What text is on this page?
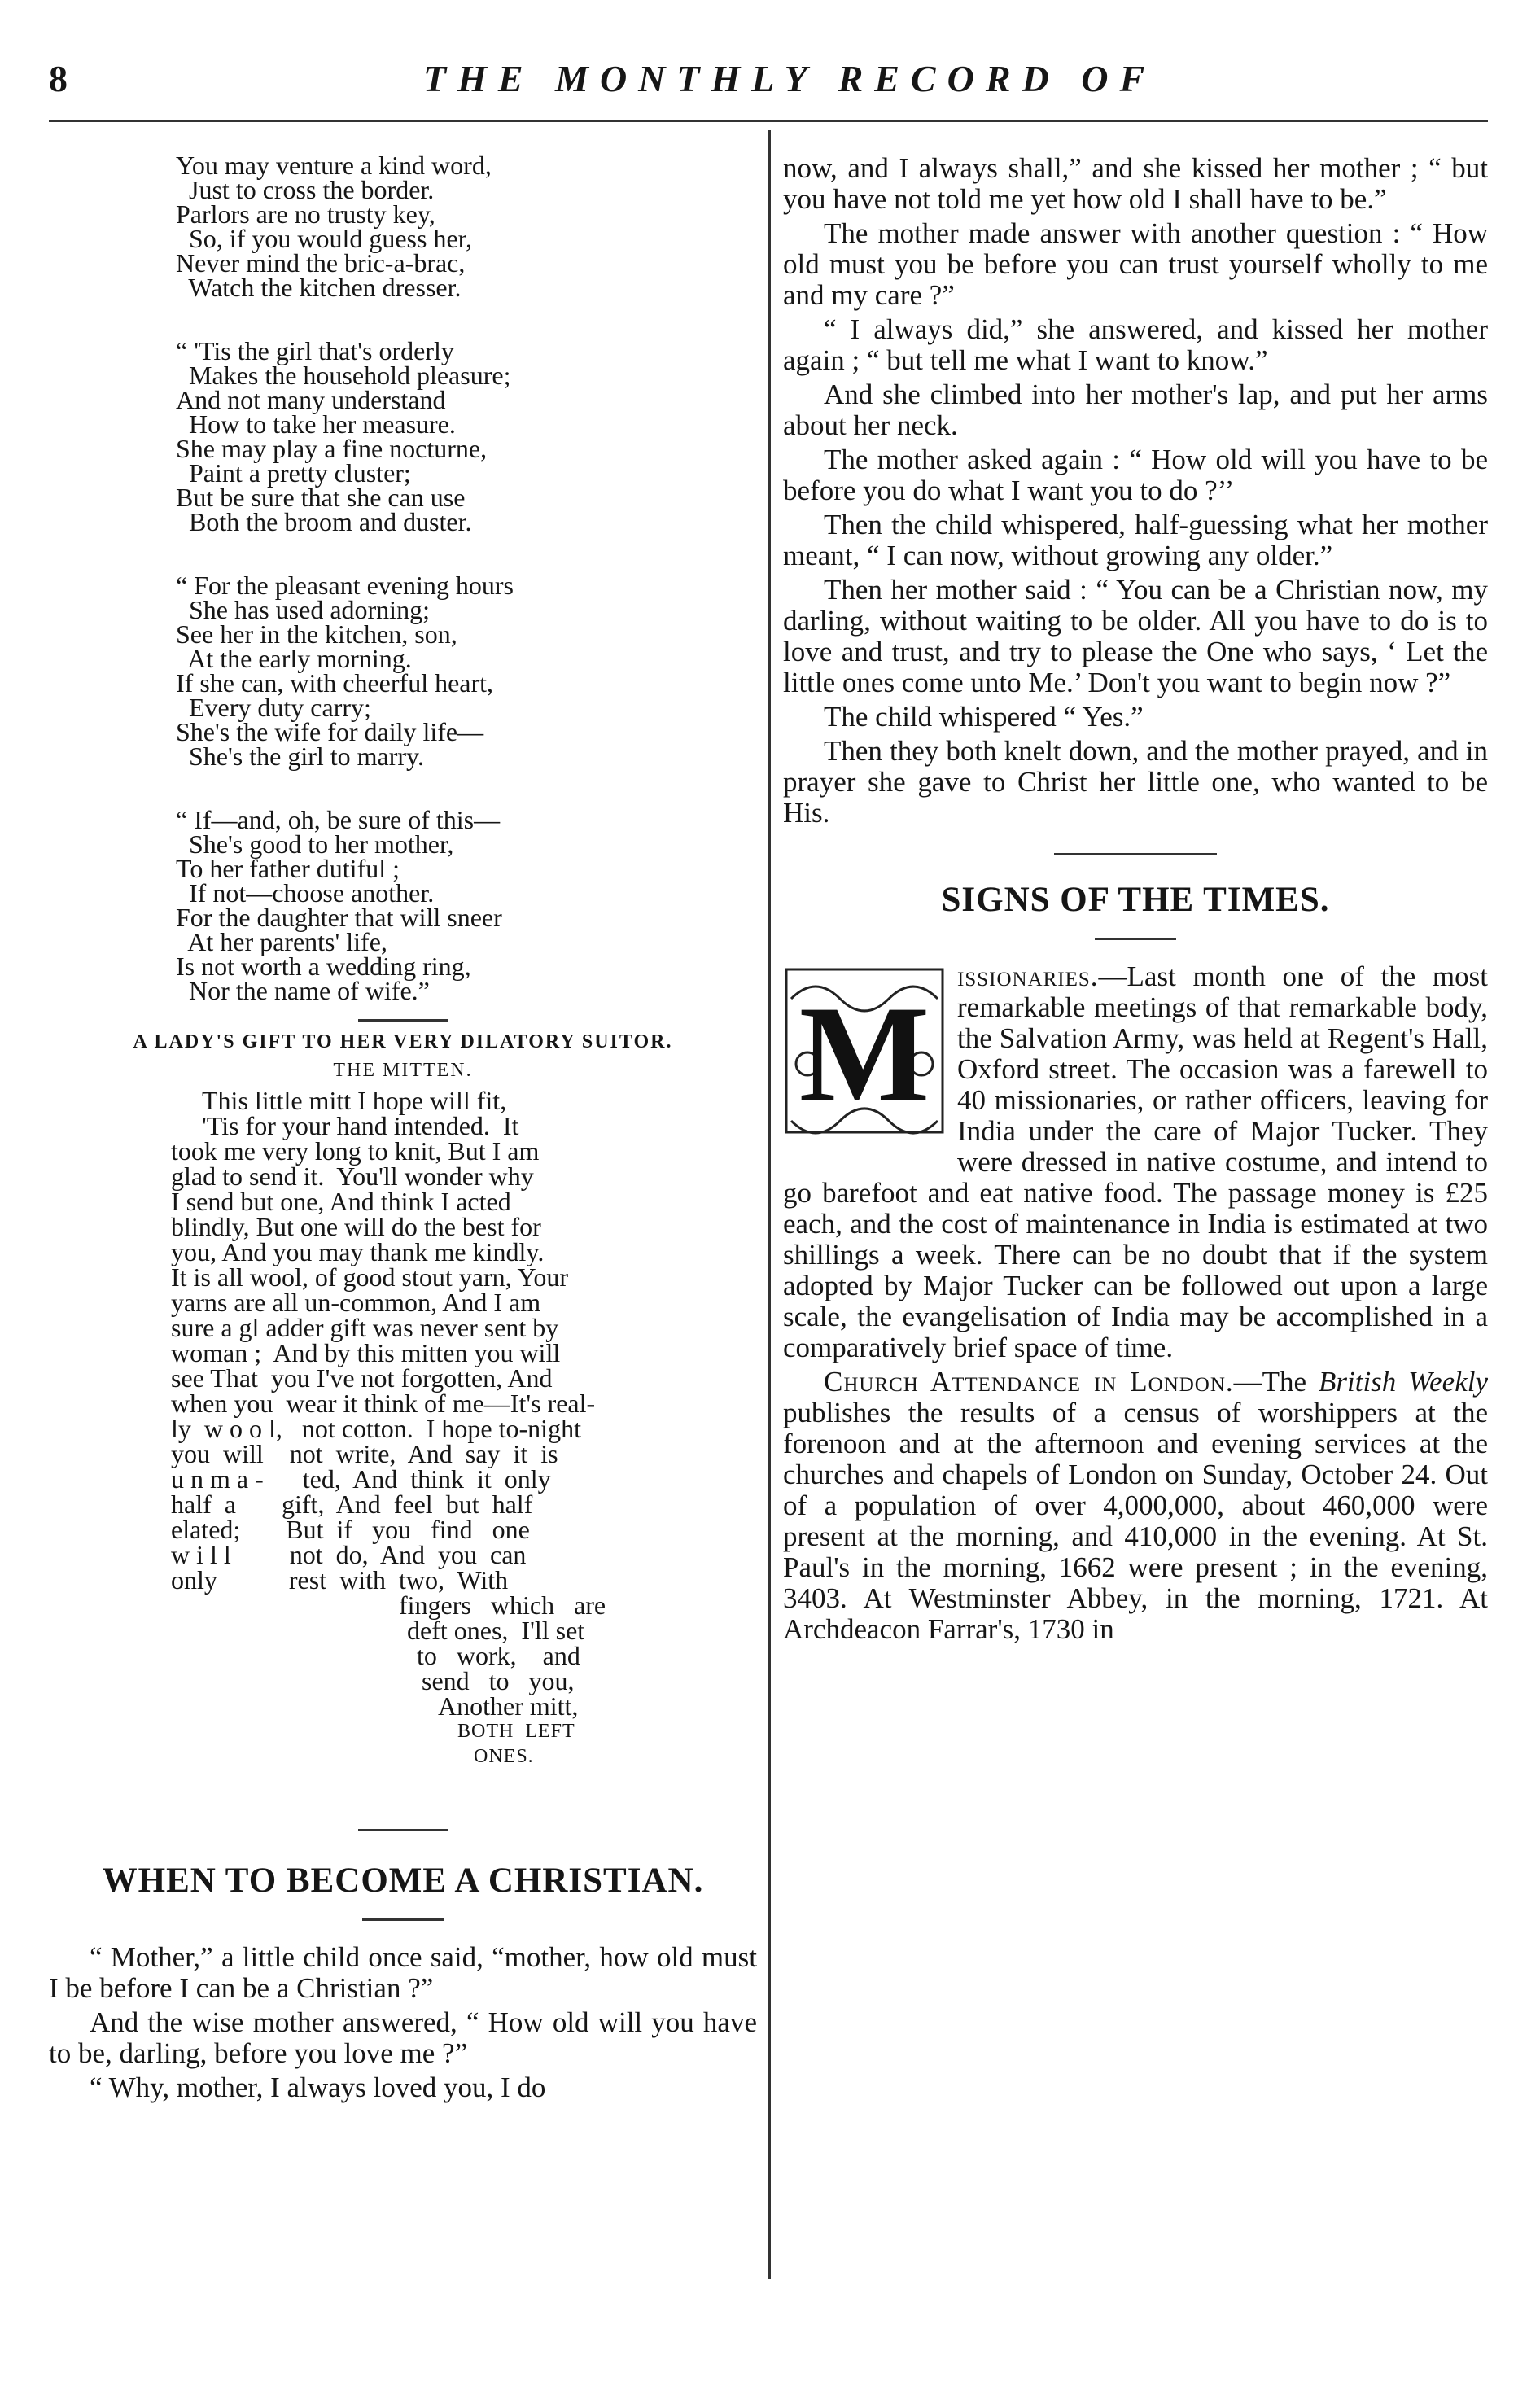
8	THE MONTHLY RECORD OF
You may venture a kind word,
Just to cross the border.
Parlors are no trusty key,
So, if you would guess her,
Never mind the bric-a-brac,
Watch the kitchen dresser.
“ 'Tis the girl that's orderly
Makes the household pleasure;
And not many understand
How to take her measure.
She may play a fine nocturne,
Paint a pretty cluster;
But be sure that she can use
Both the broom and duster.
“ For the pleasant evening hours
She has used adorning;
See her in the kitchen, son,
At the early morning.
If she can, with cheerful heart,
Every duty carry;
She's the wife for daily life—
She's the girl to marry.
“ If—and, oh, be sure of this—
She's good to her mother,
To her father dutiful ;
If not—choose another.
For the daughter that will sneer
At her parents' life,
Is not worth a wedding ring,
Nor the name of wife.”
A LADY'S GIFT TO HER VERY DILATORY SUITOR.
THE MITTEN.
This little mitt I hope will fit,
'Tis for your hand intended.  It
took me very long to knit, But I am
glad to send it.  You'll wonder why
I send but one, And think I acted
blindly, But one will do the best for
you, And you may thank me kindly.
It is all wool, of good stout yarn, Your
yarns are all un-common, And I am
sure a gl adder gift was never sent by
woman ;  And by this mitten you will
see That  you I've not forgotten, And
when you  wear it think of me—It's real-
ly  w o o l,   not cotton.  I hope to-night
you  will    not  write,  And  say  it  is
u n m a -      ted,  And  think  it  only
half  a       gift,  And  feel  but  half
elated;       But  if   you   find   one
w i l l         not  do,  And  you  can
only           rest  with  two,  With
fingers   which   are
deft ones,  I'll set
to   work,    and
send   to   you,
Another mitt,
BOTH  LEFT
ONES.
WHEN TO BECOME A CHRISTIAN.

“ Mother,” a little child once said, “mother, how old must I be before I can be a Christian ?”

And the wise mother answered, “ How old will you have to be, darling, before you love me ?”

“ Why, mother, I always loved you, I do

now, and I always shall,” and she kissed her mother ; “ but you have not told me yet how old I shall have to be.”

The mother made answer with another question : “ How old must you be before you can trust yourself wholly to me and my care ?”

“ I always did,” she answered, and kissed her mother again ; “ but tell me what I want to know.”

And she climbed into her mother's lap, and put her arms about her neck.

The mother asked again : “ How old will you have to be before you do what I want you to do ?’’

Then the child whispered, half-guessing what her mother meant, “ I can now, without growing any older.”

Then her mother said : “ You can be a Christian now, my darling, without waiting to be older. All you have to do is to love and trust, and try to please the One who says, ‘ Let the little ones come unto Me.’ Don't you want to begin now ?”

The child whispered “ Yes.”

Then they both knelt down, and the mother prayed, and in prayer she gave to Christ her little one, who wanted to be His.

SIGNS OF THE TIMES.

M
issionaries.—Last month one of the most remarkable meetings of that remarkable body, the Salvation Army, was held at Regent's Hall, Oxford street. The occasion was a farewell to 40 missionaries, or rather officers, leaving for India under the care of Major Tucker. They were dressed in native costume, and intend to go barefoot and eat native food. The passage money is £25 each, and the cost of maintenance in India is estimated at two shillings a week. There can be no doubt that if the system adopted by Major Tucker can be followed out upon a large scale, the evangelisation of India may be accomplished in a comparatively brief space of time.

Church Attendance in London.—The British Weekly publishes the results of a census of worshippers at the forenoon and at the afternoon and evening services at the churches and chapels of London on Sunday, October 24. Out of a population of over 4,000,000, about 460,000 were present at the morning, and 410,000 in the evening. At St. Paul's in the morning, 1662 were present ; in the evening, 3403. At Westminster Abbey, in the morning, 1721. At Archdeacon Farrar's, 1730 in
